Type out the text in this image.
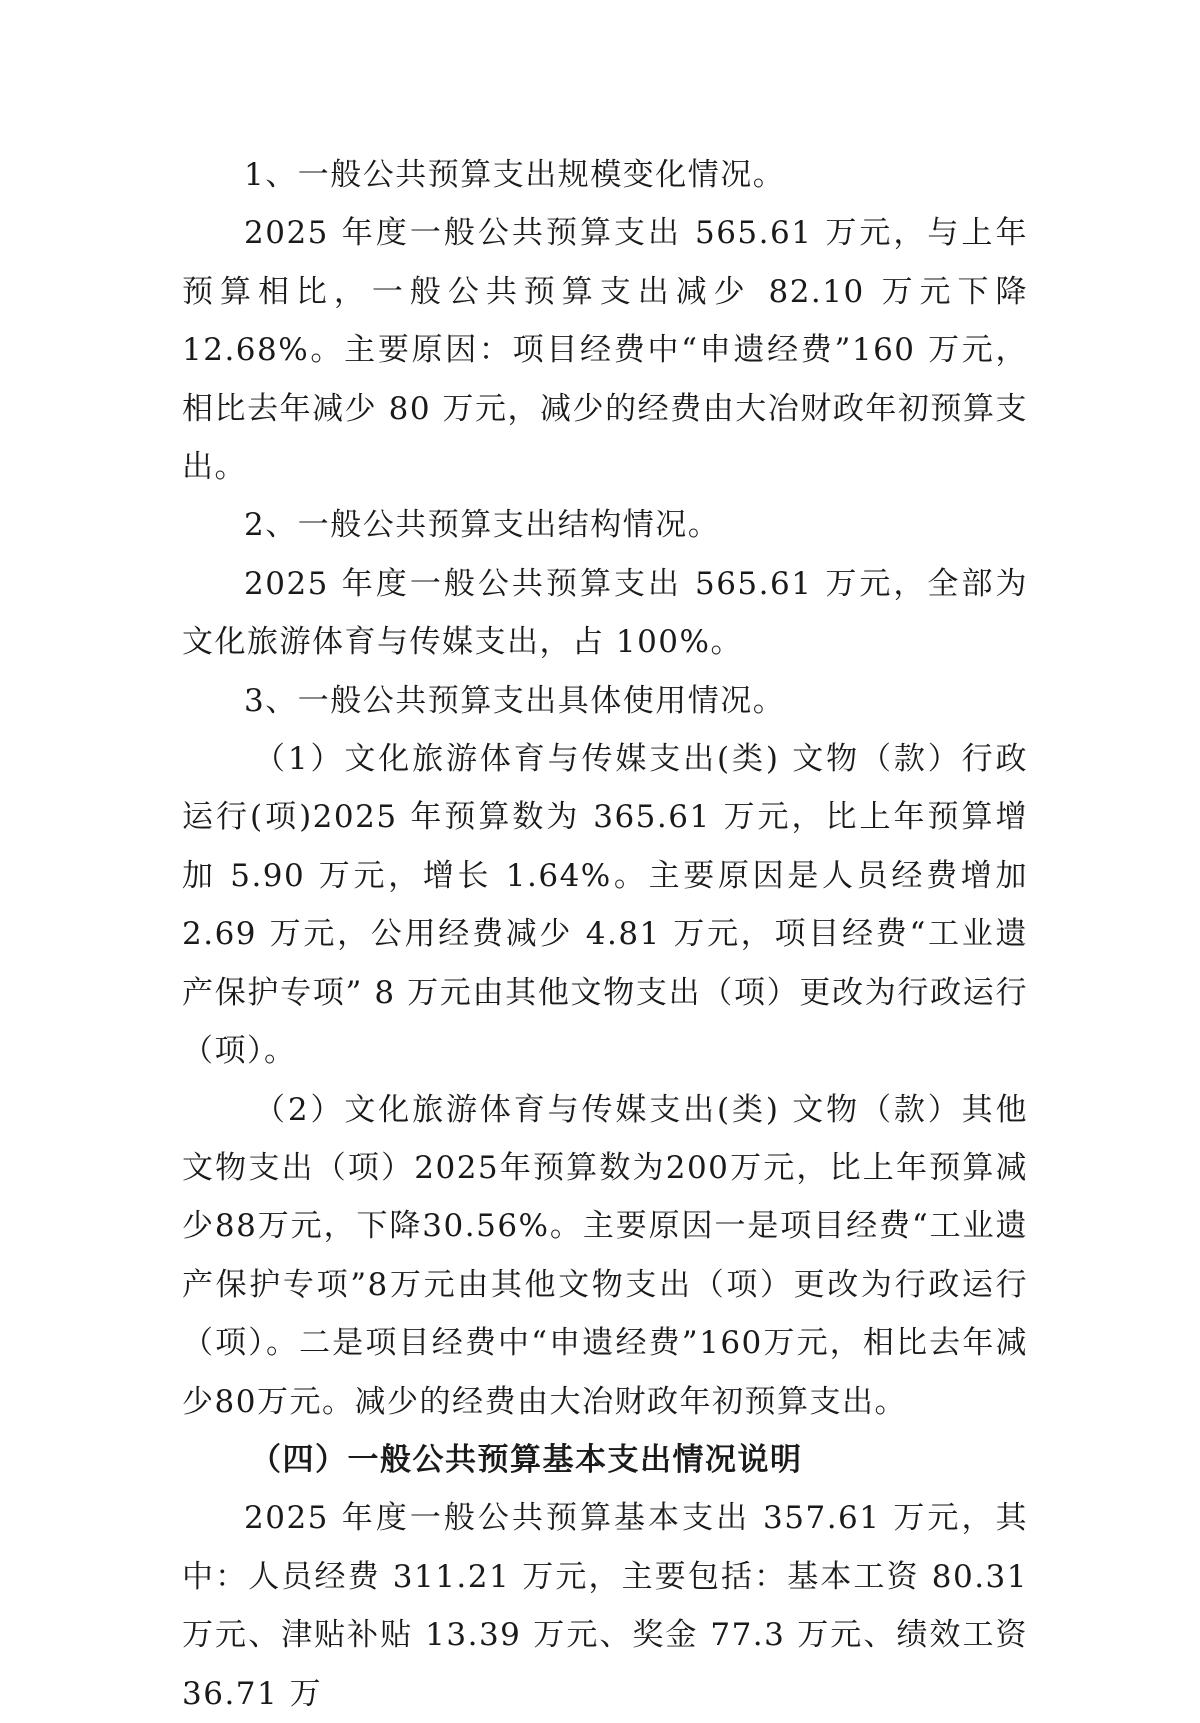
1、一般公共预算支出规模变化情况。

2025 年度一般公共预算支出 565.61 万元，与上年预算相比，一般公共预算支出减少 82.10 万元下降 12.68%。主要原因：项目经费中“申遗经费”160 万元，相比去年减少 80 万元，减少的经费由大冶财政年初预算支出。

2、一般公共预算支出结构情况。

2025 年度一般公共预算支出 565.61 万元，全部为文化旅游体育与传媒支出，占 100%。

3、一般公共预算支出具体使用情况。

（1）文化旅游体育与传媒支出(类) 文物（款）行政运行(项)2025 年预算数为 365.61 万元，比上年预算增加 5.90 万元，增长 1.64%。主要原因是人员经费增加 2.69 万元，公用经费减少 4.81 万元，项目经费“工业遗产保护专项” 8 万元由其他文物支出（项）更改为行政运行（项）。

（2）文化旅游体育与传媒支出(类) 文物（款）其他文物支出（项）2025年预算数为200万元，比上年预算减少88万元，下降30.56%。主要原因一是项目经费“工业遗产保护专项”8万元由其他文物支出（项）更改为行政运行（项）。二是项目经费中“申遗经费”160万元，相比去年减少80万元。减少的经费由大冶财政年初预算支出。

（四）一般公共预算基本支出情况说明

2025 年度一般公共预算基本支出 357.61 万元，其中：人员经费 311.21 万元，主要包括：基本工资 80.31 万元、津贴补贴 13.39 万元、奖金 77.3 万元、绩效工资 36.71 万
